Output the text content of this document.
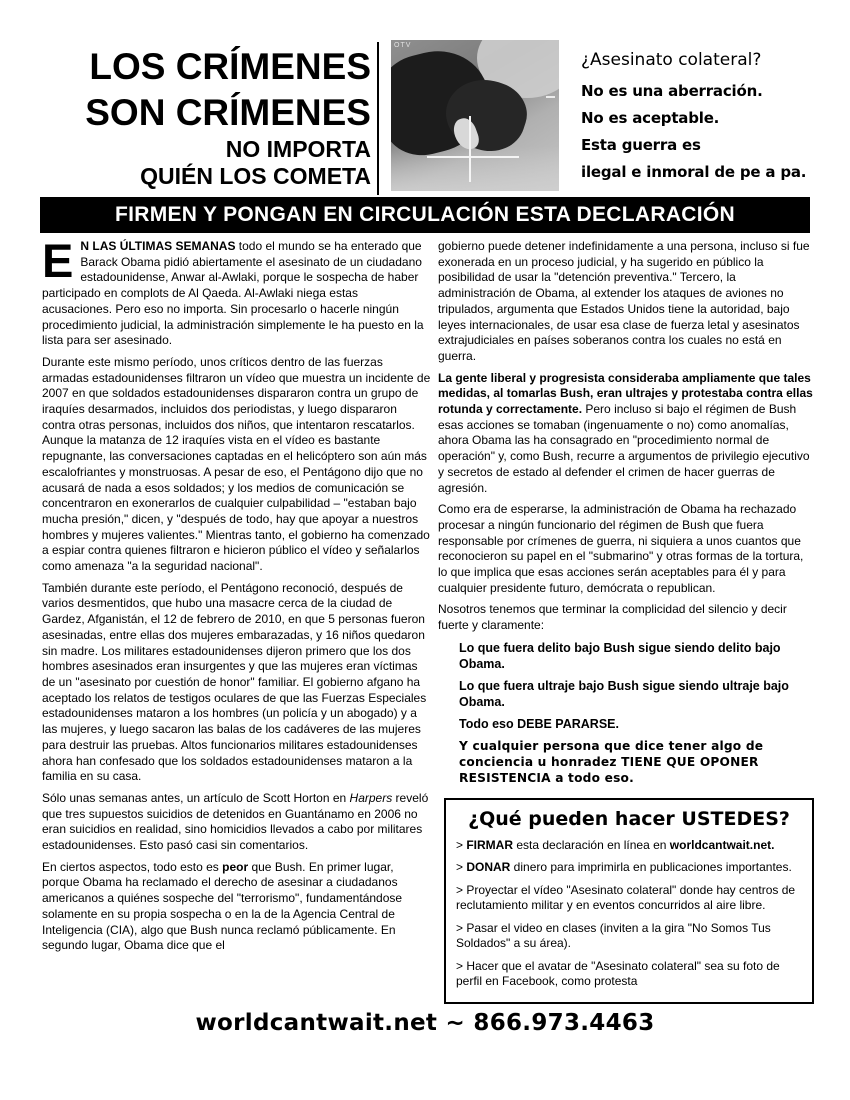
LOS CRÍMENES
SON CRÍMENES
NO IMPORTA
QUIÉN LOS COMETA
OTV
¿Asesinato colateral?
No es una aberración.
No es aceptable.
Esta guerra es
ilegal e inmoral de pe a pa.
FIRMEN Y PONGAN EN CIRCULACIÓN ESTA DECLARACIÓN

E N LAS ÚLTIMAS SEMANAS todo el mundo se ha enterado que Barack Obama pidió abiertamente el asesinato de un ciudadano estadounidense, Anwar al-Awlaki, porque le sospecha de haber participado en complots de Al Qaeda. Al-Awlaki niega estas acusaciones. Pero eso no importa. Sin procesarlo o hacerle ningún procedimiento judicial, la administración simplemente le ha puesto en la lista para ser asesinado.

Durante este mismo período, unos críticos dentro de las fuerzas armadas estadounidenses filtraron un vídeo que muestra un incidente de 2007 en que soldados estadounidenses dispararon contra un grupo de iraquíes desarmados, incluidos dos periodistas, y luego dispararon contra otras personas, incluidos dos niños, que intentaron rescatarlos. Aunque la matanza de 12 iraquíes vista en el vídeo es bastante repugnante, las conversaciones captadas en el helicóptero son aún más escalofriantes y monstruosas. A pesar de eso, el Pentágono dijo que no acusará de nada a esos soldados; y los medios de comunicación se concentraron en exonerarlos de cualquier culpabilidad – "estaban bajo mucha presión," dicen, y "después de todo, hay que apoyar a nuestros hombres y mujeres valientes." Mientras tanto, el gobierno ha comenzado a espiar contra quienes filtraron e hicieron público el vídeo y señalarlos como amenaza "a la seguridad nacional".

También durante este período, el Pentágono reconoció, después de varios desmentidos, que hubo una masacre cerca de la ciudad de Gardez, Afganistán, el 12 de febrero de 2010, en que 5 personas fueron asesinadas, entre ellas dos mujeres embarazadas, y 16 niños quedaron sin madre. Los militares estadounidenses dijeron primero que los dos hombres asesinados eran insurgentes y que las mujeres eran víctimas de un "asesinato por cuestión de honor" familiar. El gobierno afgano ha aceptado los relatos de testigos oculares de que las Fuerzas Especiales estadounidenses mataron a los hombres (un policía y un abogado) y a las mujeres, y luego sacaron las balas de los cadáveres de las mujeres para destruir las pruebas. Altos funcionarios militares estadounidenses ahora han confesado que los soldados estadounidenses mataron a la familia en su casa.

Sólo unas semanas antes, un artículo de Scott Horton en Harpers reveló que tres supuestos suicidios de detenidos en Guantánamo en 2006 no eran suicidios en realidad, sino homicidios llevados a cabo por militares estadounidenses. Esto pasó casi sin comentarios.

En ciertos aspectos, todo esto es peor que Bush. En primer lugar, porque Obama ha reclamado el derecho de asesinar a ciudadanos americanos a quiénes sospeche del "terrorismo", fundamentándose solamente en su propia sospecha o en la de la Agencia Central de Inteligencia (CIA), algo que Bush nunca reclamó públicamente. En segundo lugar, Obama dice que el

gobierno puede detener indefinidamente a una persona, incluso si fue exonerada en un proceso judicial, y ha sugerido en público la posibilidad de usar la "detención preventiva." Tercero, la administración de Obama, al extender los ataques de aviones no tripulados, argumenta que Estados Unidos tiene la autoridad, bajo leyes internacionales, de usar esa clase de fuerza letal y asesinatos extrajudiciales en países soberanos contra los cuales no está en guerra.

La gente liberal y progresista consideraba ampliamente que tales medidas, al tomarlas Bush, eran ultrajes y protestaba contra ellas rotunda y correctamente. Pero incluso si bajo el régimen de Bush esas acciones se tomaban (ingenuamente o no) como anomalías, ahora Obama las ha consagrado en "procedimiento normal de operación" y, como Bush, recurre a argumentos de privilegio ejecutivo y secretos de estado al defender el crimen de hacer guerras de agresión.

Como era de esperarse, la administración de Obama ha rechazado procesar a ningún funcionario del régimen de Bush que fuera responsable por crímenes de guerra, ni siquiera a unos cuantos que reconocieron su papel en el "submarino" y otras formas de la tortura, lo que implica que esas acciones serán aceptables para él y para cualquier presidente futuro, demócrata o republican.

Nosotros tenemos que terminar la complicidad del silencio y decir fuerte y claramente:

Lo que fuera delito bajo Bush sigue siendo delito bajo Obama.

Lo que fuera ultraje bajo Bush sigue siendo ultraje bajo Obama.

Todo eso DEBE PARARSE.

Y cualquier persona que dice tener algo de conciencia u honradez TIENE QUE OPONER RESISTENCIA a todo eso.

¿Qué pueden hacer USTEDES?

> FIRMAR esta declaración en línea en worldcantwait.net.

> DONAR dinero para imprimirla en publicaciones importantes.

> Proyectar el vídeo "Asesinato colateral" donde hay centros de reclutamiento militar y en eventos concurridos al aire libre.

> Pasar el video en clases (inviten a la gira "No Somos Tus Soldados" a su área).

> Hacer que el avatar de "Asesinato colateral" sea su foto de perfil en Facebook, como protesta

worldcantwait.net ~ 866.973.4463
